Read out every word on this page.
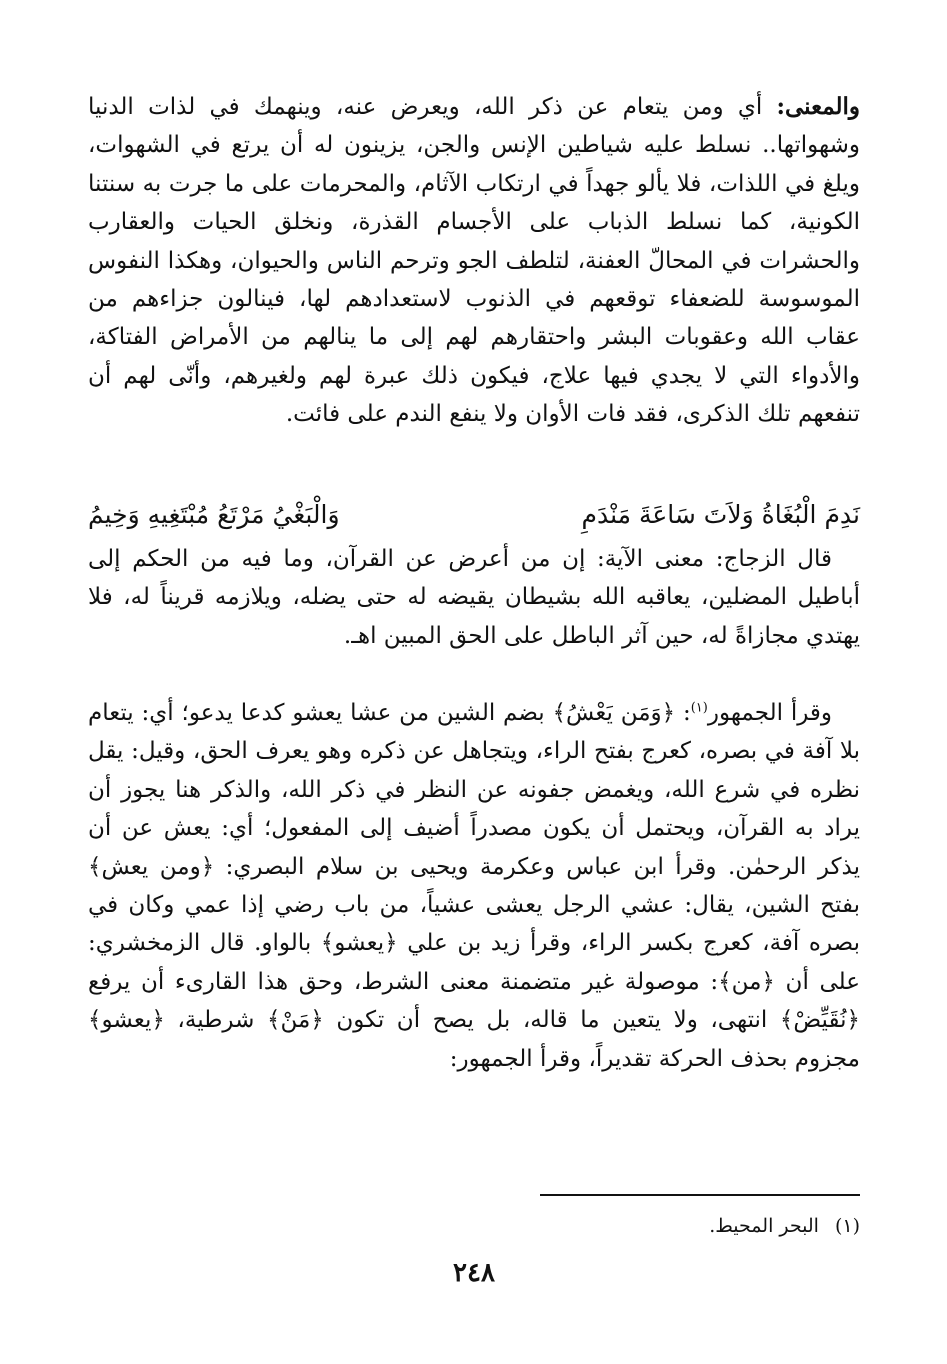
والمعنى: أي ومن يتعام عن ذكر الله، ويعرض عنه، وينهمك في لذات الدنيا وشهواتها.. نسلط عليه شياطين الإنس والجن، يزينون له أن يرتع في الشهوات، ويلغ في اللذات، فلا يألو جهداً في ارتكاب الآثام، والمحرمات على ما جرت به سنتنا الكونية، كما نسلط الذباب على الأجسام القذرة، ونخلق الحيات والعقارب والحشرات في المحالّ العفنة، لتلطف الجو وترحم الناس والحيوان، وهكذا النفوس الموسوسة للضعفاء توقعهم في الذنوب لاستعدادهم لها، فينالون جزاءهم من عقاب الله وعقوبات البشر واحتقارهم لهم إلى ما ينالهم من الأمراض الفتاكة، والأدواء التي لا يجدي فيها علاج، فيكون ذلك عبرة لهم ولغيرهم، وأنّى لهم أن تنفعهم تلك الذكرى، فقد فات الأوان ولا ينفع الندم على فائت.

نَدِمَ الْبُغَاةُ وَلاَتَ سَاعَةَ مَنْدَمِ
وَالْبَغْيُ مَرْتَعُ مُبْتَغِيهِ وَخِيمُ

قال الزجاج: معنى الآية: إن من أعرض عن القرآن، وما فيه من الحكم إلى أباطيل المضلين، يعاقبه الله بشيطان يقيضه له حتى يضله، ويلازمه قريناً له، فلا يهتدي مجازاةً له، حين آثر الباطل على الحق المبين اهـ.

وقرأ الجمهور$^{(١)}$: ﴿وَمَن يَعْشُ﴾ بضم الشين من عشا يعشو كدعا يدعو؛ أي: يتعام بلا آفة في بصره، كعرج بفتح الراء، ويتجاهل عن ذكره وهو يعرف الحق، وقيل: يقل نظره في شرع الله، ويغمض جفونه عن النظر في ذكر الله، والذكر هنا يجوز أن يراد به القرآن، ويحتمل أن يكون مصدراً أضيف إلى المفعول؛ أي: يعش عن أن يذكر الرحمٰن. وقرأ ابن عباس وعكرمة ويحيى بن سلام البصري: ﴿ومن يعش﴾ بفتح الشين، يقال: عشي الرجل يعشى عشياً، من باب رضي إذا عمي وكان في بصره آفة، كعرج بكسر الراء، وقرأ زيد بن علي ﴿يعشو﴾ بالواو. قال الزمخشري: على أن ﴿من﴾: موصولة غير متضمنة معنى الشرط، وحق هذا القارىء أن يرفع ﴿نُقَيِّضْ﴾ انتهى، ولا يتعين ما قاله، بل يصح أن تكون ﴿مَنْ﴾ شرطية، ﴿يعشو﴾ مجزوم بحذف الحركة تقديراً، وقرأ الجمهور:

(١)البحر المحيط.
٢٤٨
